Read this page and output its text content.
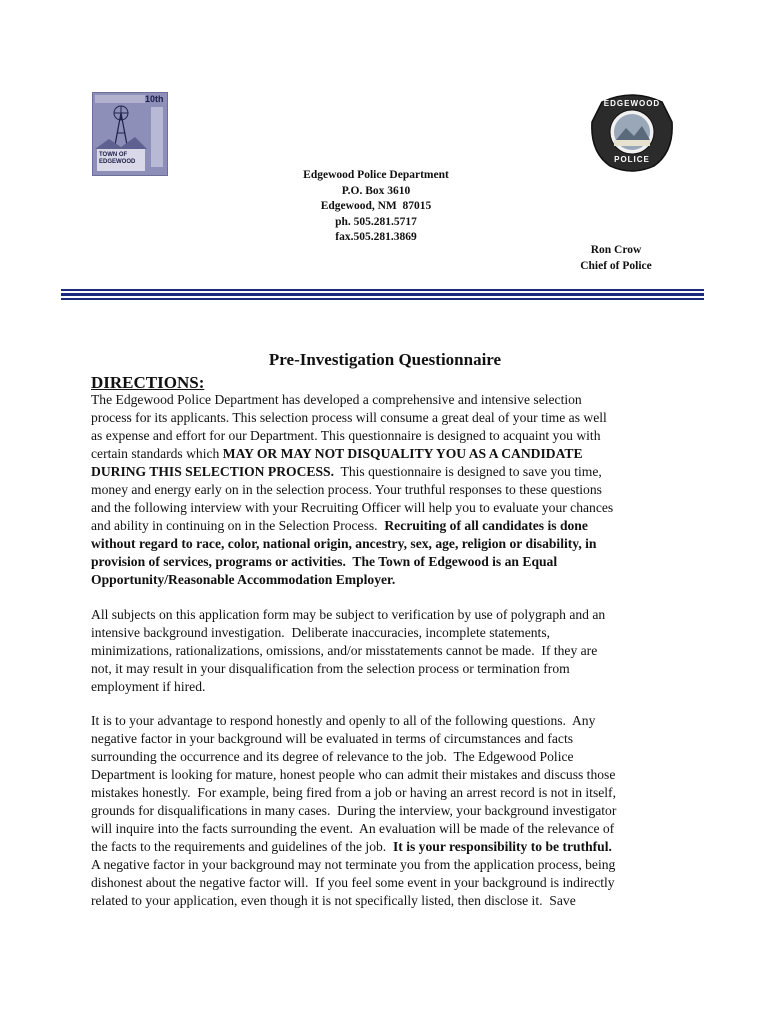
TOWN OF
EDGEWOOD
10th	EDGEWOOD
POLICE
Edgewood Police Department
P.O. Box 3610
Edgewood, NM  87015
ph. 505.281.5717
fax.505.281.3869
Ron Crow
Chief of Police
Pre-Investigation Questionnaire
DIRECTIONS:
The Edgewood Police Department has developed a comprehensive and intensive selection
process for its applicants. This selection process will consume a great deal of your time as well
as expense and effort for our Department. This questionnaire is designed to acquaint you with
certain standards which MAY OR MAY NOT DISQUALITY YOU AS A CANDIDATE
DURING THIS SELECTION PROCESS.  This questionnaire is designed to save you time,
money and energy early on in the selection process. Your truthful responses to these questions
and the following interview with your Recruiting Officer will help you to evaluate your chances
and ability in continuing on in the Selection Process.  Recruiting of all candidates is done
without regard to race, color, national origin, ancestry, sex, age, religion or disability, in
provision of services, programs or activities.  The Town of Edgewood is an Equal
Opportunity/Reasonable Accommodation Employer.
All subjects on this application form may be subject to verification by use of polygraph and an
intensive background investigation.  Deliberate inaccuracies, incomplete statements,
minimizations, rationalizations, omissions, and/or misstatements cannot be made.  If they are
not, it may result in your disqualification from the selection process or termination from
employment if hired.
It is to your advantage to respond honestly and openly to all of the following questions.  Any
negative factor in your background will be evaluated in terms of circumstances and facts
surrounding the occurrence and its degree of relevance to the job.  The Edgewood Police
Department is looking for mature, honest people who can admit their mistakes and discuss those
mistakes honestly.  For example, being fired from a job or having an arrest record is not in itself,
grounds for disqualifications in many cases.  During the interview, your background investigator
will inquire into the facts surrounding the event.  An evaluation will be made of the relevance of
the facts to the requirements and guidelines of the job.  It is your responsibility to be truthful.
A negative factor in your background may not terminate you from the application process, being
dishonest about the negative factor will.  If you feel some event in your background is indirectly
related to your application, even though it is not specifically listed, then disclose it.  Save
